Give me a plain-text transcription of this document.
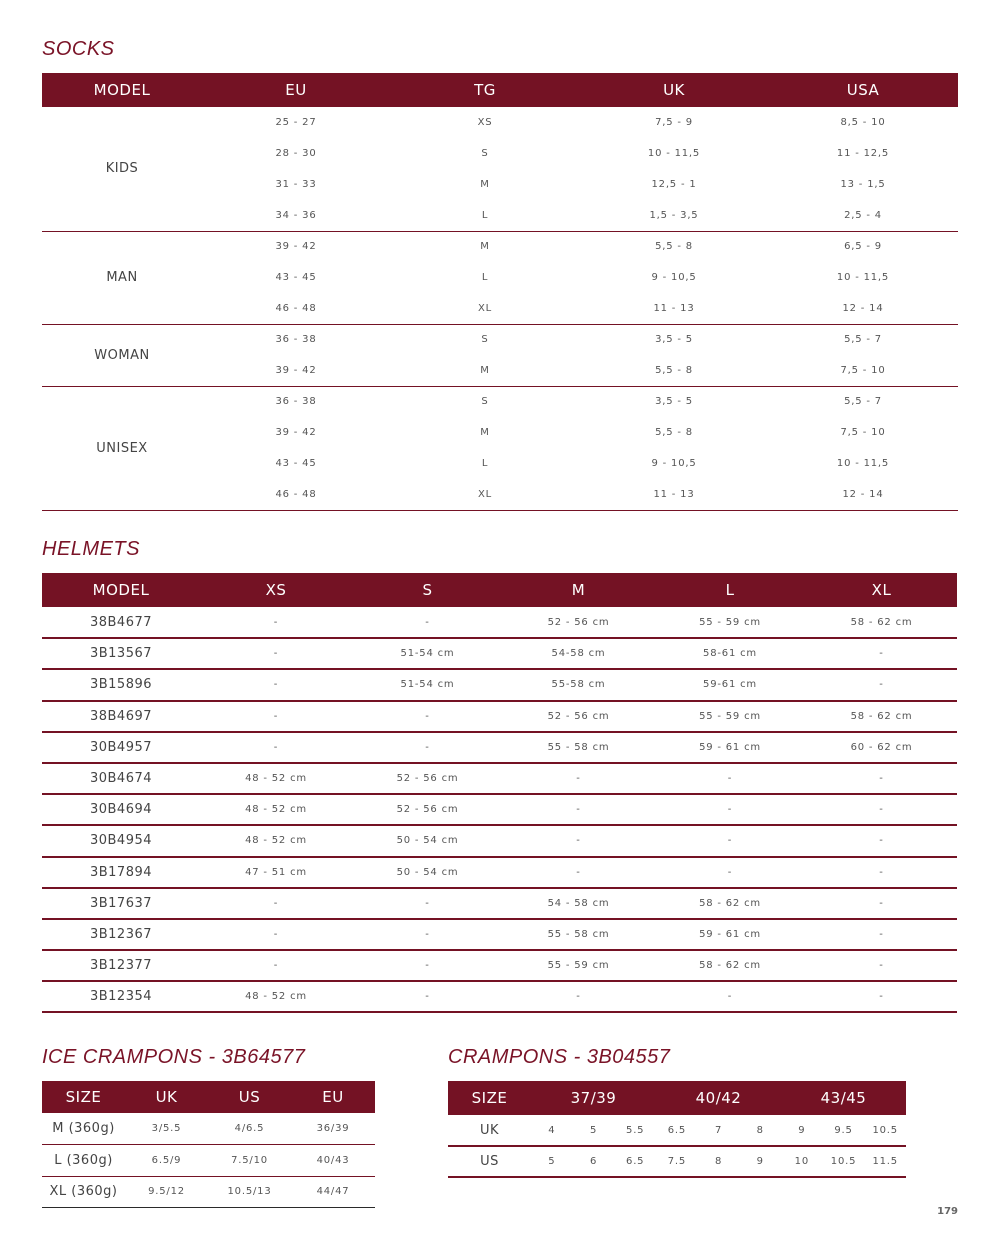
SOCKS
MODEL	EU	TG	UK	USA
KIDS	25 - 27	XS	7,5 - 9	8,5 - 10
	28 - 30	S	10 - 11,5	11 - 12,5
	31 - 33	M	12,5 - 1	13 - 1,5
	34 - 36	L	1,5 - 3,5	2,5 - 4
MAN	39 - 42	M	5,5 - 8	6,5 - 9
	43 - 45	L	9 - 10,5	10 - 11,5
	46 - 48	XL	11 - 13	12 - 14
WOMAN	36 - 38	S	3,5 - 5	5,5 - 7
	39 - 42	M	5,5 - 8	7,5 - 10
UNISEX	36 - 38	S	3,5 - 5	5,5 - 7
	39 - 42	M	5,5 - 8	7,5 - 10
	43 - 45	L	9 - 10,5	10 - 11,5
	46 - 48	XL	11 - 13	12 - 14
HELMETS
MODEL	XS	S	M	L	XL
38B4677	-	-	52 - 56 cm	55 - 59 cm	58 - 62 cm
3B13567	-	51-54 cm	54-58 cm	58-61 cm	-
3B15896	-	51-54 cm	55-58 cm	59-61 cm	-
38B4697	-	-	52 - 56 cm	55 - 59 cm	58 - 62 cm
30B4957	-	-	55 - 58 cm	59 - 61 cm	60 - 62 cm
30B4674	48 - 52 cm	52 - 56 cm	-	-	-
30B4694	48 - 52 cm	52 - 56 cm	-	-	-
30B4954	48 - 52 cm	50 - 54 cm	-	-	-
3B17894	47 - 51 cm	50 - 54 cm	-	-	-
3B17637	-	-	54 - 58 cm	58 - 62 cm	-
3B12367	-	-	55 - 58 cm	59 - 61 cm	-
3B12377	-	-	55 - 59 cm	58 - 62 cm	-
3B12354	48 - 52 cm	-	-	-	-
ICE CRAMPONS - 3B64577
SIZE	UK	US	EU
M (360g)	3/5.5	4/6.5	36/39
L (360g)	6.5/9	7.5/10	40/43
XL (360g)	9.5/12	10.5/13	44/47
CRAMPONS - 3B04557
SIZE	37/39			40/42			43/45		
UK	4	5	5.5	6.5	7	8	9	9.5	10.5
US	5	6	6.5	7.5	8	9	10	10.5	11.5
179
